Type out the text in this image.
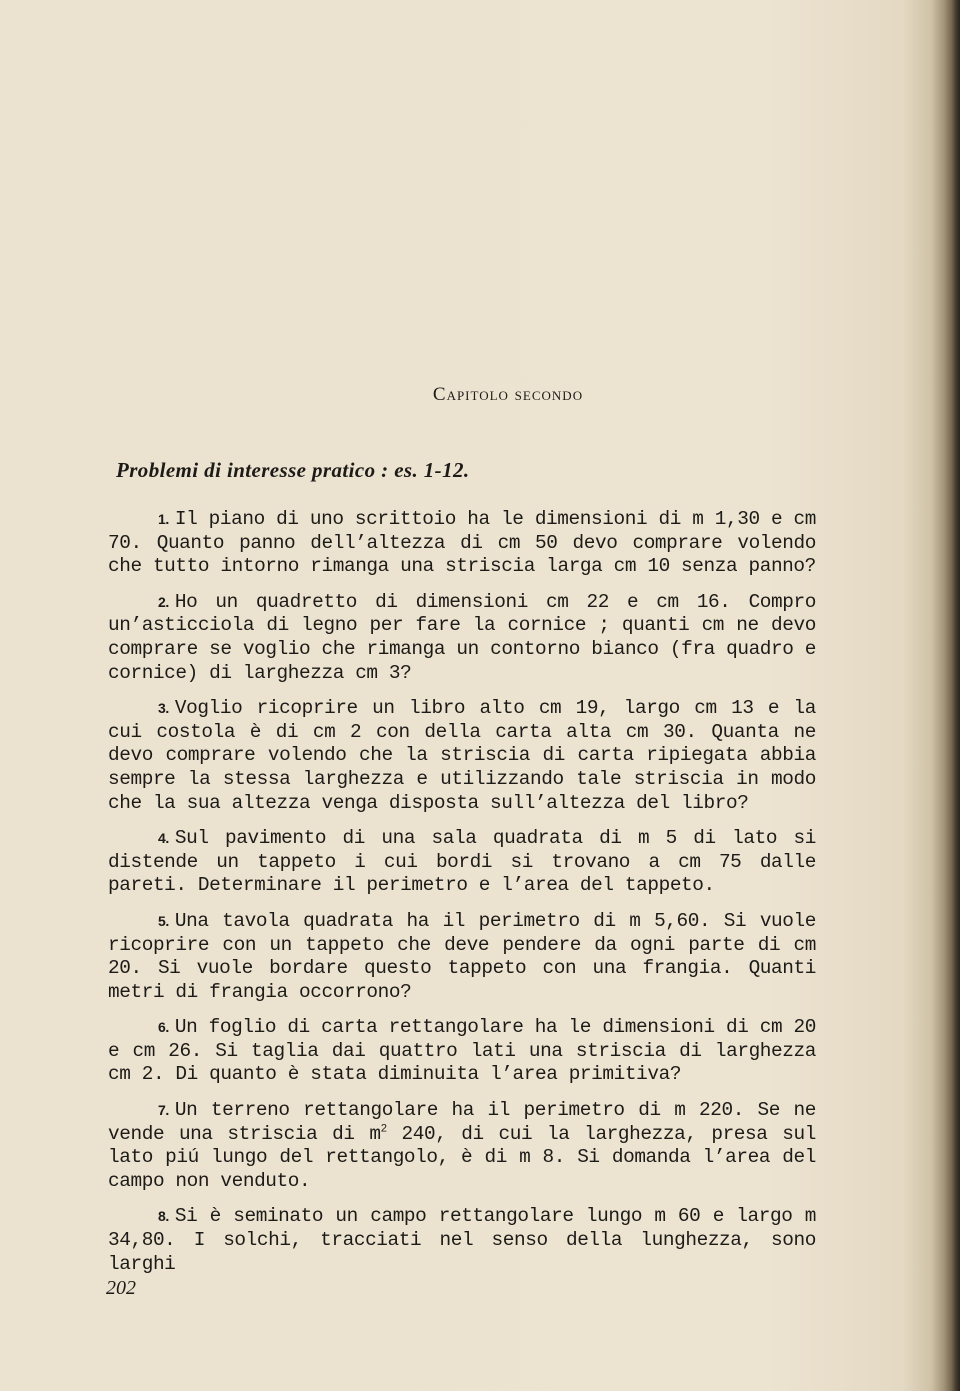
Capitolo secondo
Problemi di interesse pratico : es. 1-12.

1. Il piano di uno scrittoio ha le dimensioni di m 1,30 e cm 70. Quanto panno dell’altezza di cm 50 devo comprare volendo che tutto intorno rimanga una striscia larga cm 10 senza panno?

2. Ho un quadretto di dimensioni cm 22 e cm 16. Compro un’asticciola di legno per fare la cornice ; quanti cm ne devo comprare se voglio che rimanga un contorno bianco (fra quadro e cornice) di larghezza cm 3?

3. Voglio ricoprire un libro alto cm 19, largo cm 13 e la cui costola è di cm 2 con della carta alta cm 30. Quanta ne devo comprare volendo che la striscia di carta ripiegata abbia sempre la stessa larghezza e utilizzando tale striscia in modo che la sua altezza venga disposta sull’altezza del libro?

4. Sul pavimento di una sala quadrata di m 5 di lato si distende un tappeto i cui bordi si trovano a cm 75 dalle pareti. Determinare il perimetro e l’area del tappeto.

5. Una tavola quadrata ha il perimetro di m 5,60. Si vuole ricoprire con un tappeto che deve pendere da ogni parte di cm 20. Si vuole bordare questo tappeto con una frangia. Quanti metri di frangia occorrono?

6. Un foglio di carta rettangolare ha le dimensioni di cm 20 e cm 26. Si taglia dai quattro lati una striscia di larghezza cm 2. Di quanto è stata diminuita l’area primitiva?

7. Un terreno rettangolare ha il perimetro di m 220. Se ne vende una striscia di $m^2$ 240, di cui la larghezza, presa sul lato piú lungo del rettangolo, è di m 8. Si domanda l’area del campo non venduto.

8. Si è seminato un campo rettangolare lungo m 60 e largo m 34,80. I solchi, tracciati nel senso della lunghezza, sono larghi

202
